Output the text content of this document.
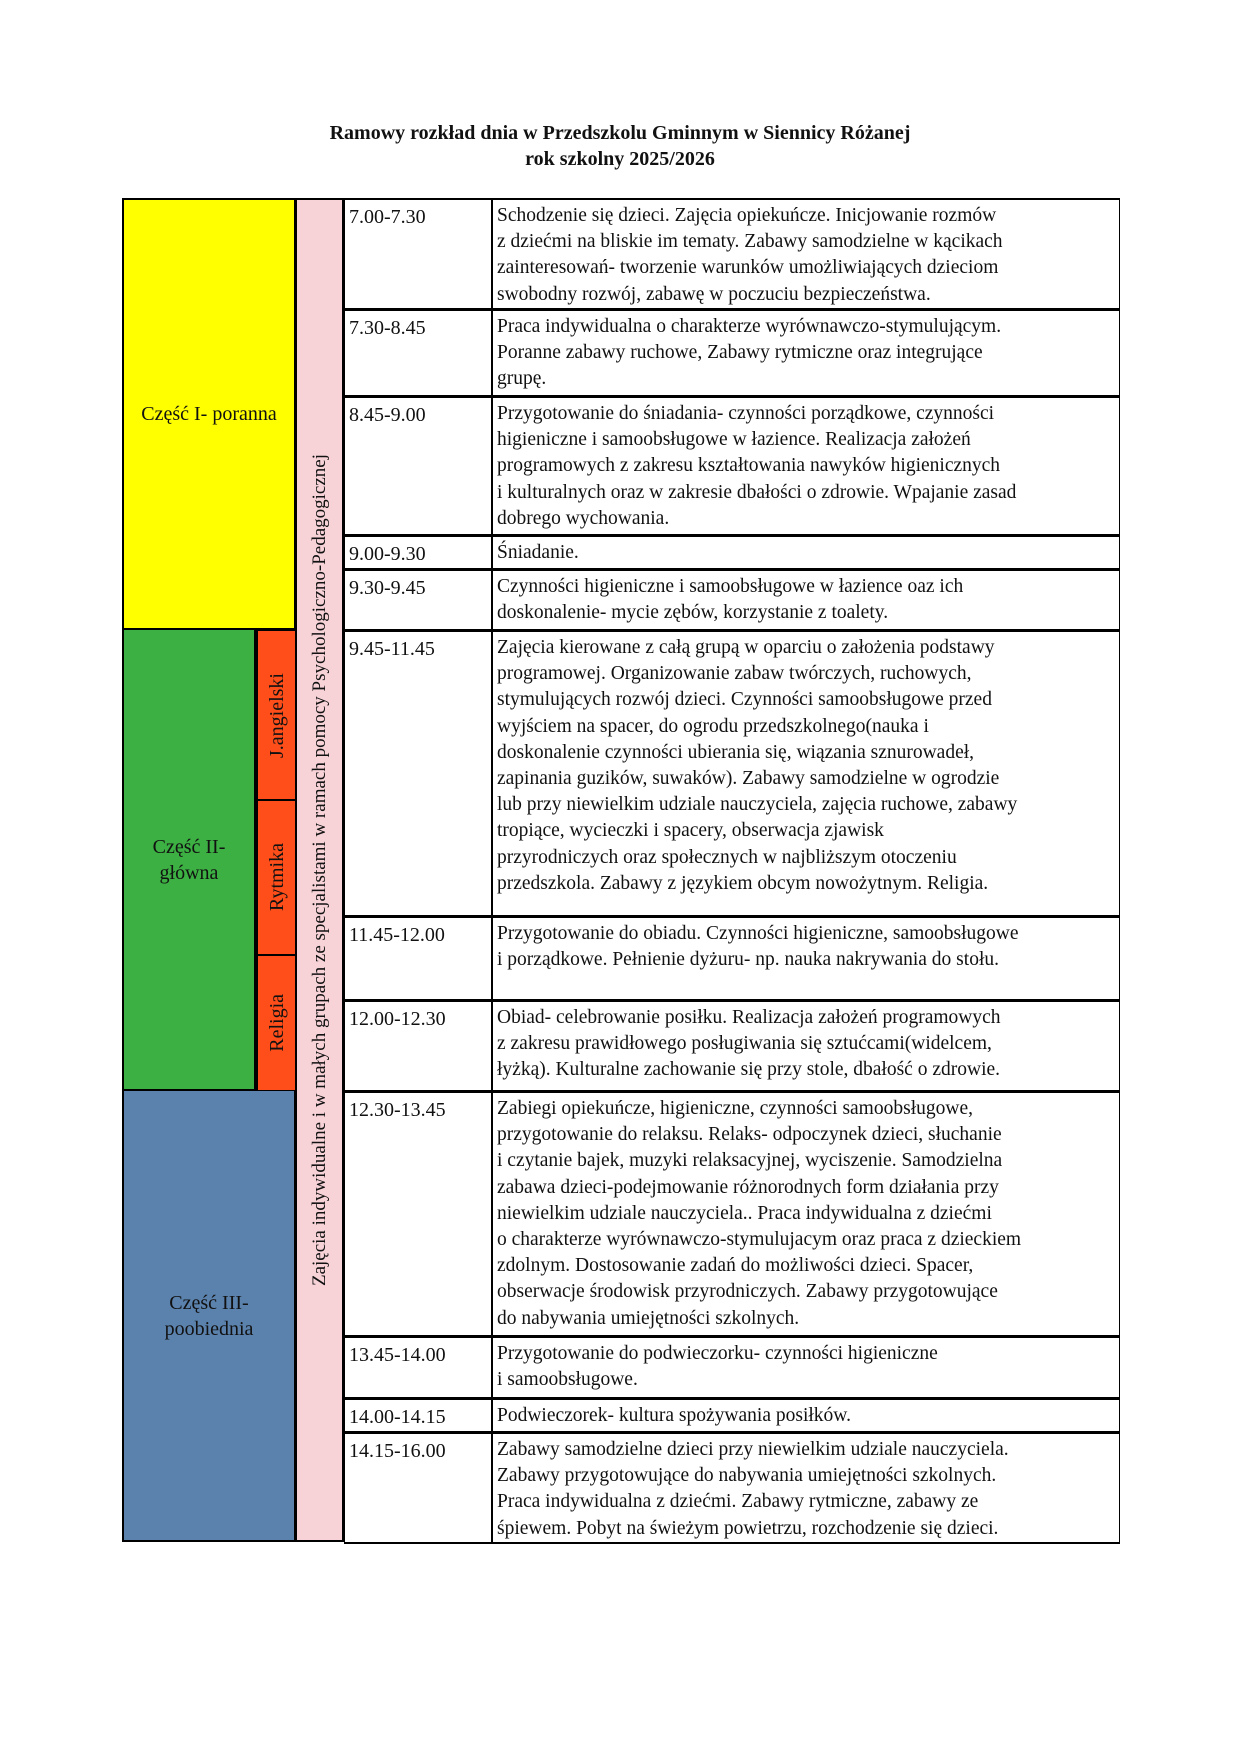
Ramowy rozkład dnia w Przedszkolu Gminnym w Siennicy Różanej
rok szkolny 2025/2026
Część I- poranna
Część II-
główna
J.angielski
Rytmika
Religia
Część III-
poobiednia
Zajęcia indywidualne i w małych grupach ze specjalistami w ramach pomocy Psychologiczno-Pedagogicznej
7.00-7.30	Schodzenie się dzieci. Zajęcia opiekuńcze. Inicjowanie rozmów
z dziećmi na bliskie im tematy. Zabawy samodzielne w kącikach
zainteresowań- tworzenie warunków umożliwiających dzieciom
swobodny rozwój, zabawę w poczuciu bezpieczeństwa.
7.30-8.45	Praca indywidualna o charakterze wyrównawczo-stymulującym.
Poranne zabawy ruchowe, Zabawy rytmiczne oraz integrujące
grupę.
8.45-9.00	Przygotowanie do śniadania- czynności porządkowe, czynności
higieniczne i samoobsługowe w łazience. Realizacja założeń
programowych z zakresu kształtowania nawyków higienicznych
i kulturalnych oraz w zakresie dbałości o zdrowie. Wpajanie zasad
dobrego wychowania.
9.00-9.30	Śniadanie.
9.30-9.45	Czynności higieniczne i samoobsługowe w łazience oaz ich
doskonalenie- mycie zębów, korzystanie z toalety.
9.45-11.45	Zajęcia kierowane z całą grupą w oparciu o założenia podstawy
programowej. Organizowanie zabaw twórczych, ruchowych,
stymulujących rozwój dzieci. Czynności samoobsługowe przed
wyjściem na spacer, do ogrodu przedszkolnego(nauka i
doskonalenie czynności ubierania się, wiązania sznurowadeł,
zapinania guzików, suwaków). Zabawy samodzielne w ogrodzie
lub przy niewielkim udziale nauczyciela, zajęcia ruchowe, zabawy
tropiące, wycieczki i spacery, obserwacja zjawisk
przyrodniczych oraz społecznych w najbliższym otoczeniu
przedszkola. Zabawy z językiem obcym nowożytnym. Religia.
11.45-12.00	Przygotowanie do obiadu. Czynności higieniczne, samoobsługowe
i porządkowe. Pełnienie dyżuru- np. nauka nakrywania do stołu.
12.00-12.30	Obiad- celebrowanie posiłku. Realizacja założeń programowych
z zakresu prawidłowego posługiwania się sztućcami(widelcem,
łyżką). Kulturalne zachowanie się przy stole, dbałość o zdrowie.
12.30-13.45	Zabiegi opiekuńcze, higieniczne, czynności samoobsługowe,
przygotowanie do relaksu. Relaks- odpoczynek dzieci, słuchanie
i czytanie bajek, muzyki relaksacyjnej, wyciszenie. Samodzielna
zabawa dzieci-podejmowanie różnorodnych form działania przy
niewielkim udziale nauczyciela.. Praca indywidualna z dziećmi
o charakterze wyrównawczo-stymulujacym oraz praca z dzieckiem
zdolnym. Dostosowanie zadań do możliwości dzieci. Spacer,
obserwacje środowisk przyrodniczych. Zabawy przygotowujące
do nabywania umiejętności szkolnych.
13.45-14.00	Przygotowanie do podwieczorku- czynności higieniczne
i samoobsługowe.
14.00-14.15	Podwieczorek- kultura spożywania posiłków.
14.15-16.00	Zabawy samodzielne dzieci przy niewielkim udziale nauczyciela.
Zabawy przygotowujące do nabywania umiejętności szkolnych.
Praca indywidualna z dziećmi. Zabawy rytmiczne, zabawy ze
śpiewem. Pobyt na świeżym powietrzu, rozchodzenie się dzieci.
